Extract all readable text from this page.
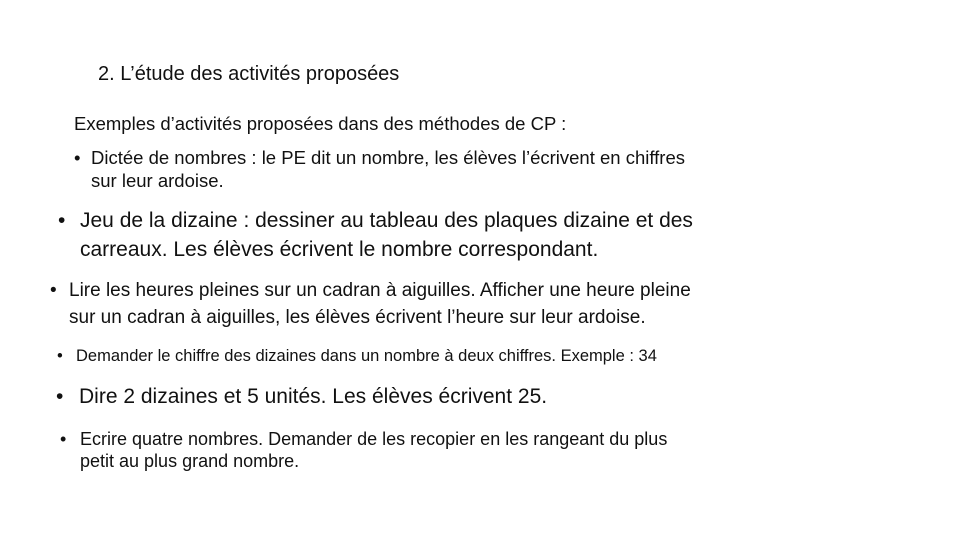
2. L’étude des activités proposées
Exemples d’activités proposées dans des méthodes de CP :
• Dictée de nombres : le PE dit un nombre, les élèves l’écrivent en chiffres
sur leur ardoise.
• Jeu de la dizaine : dessiner au tableau des plaques dizaine et des
carreaux. Les élèves écrivent le nombre correspondant.
• Lire les heures pleines sur un cadran à aiguilles. Afficher une heure pleine
sur un cadran à aiguilles, les élèves écrivent l’heure sur leur ardoise.
• Demander le chiffre des dizaines dans un nombre à deux chiffres. Exemple : 34
• Dire 2 dizaines et 5 unités. Les élèves écrivent 25.
• Ecrire quatre nombres. Demander de les recopier en les rangeant du plus
petit au plus grand nombre.
